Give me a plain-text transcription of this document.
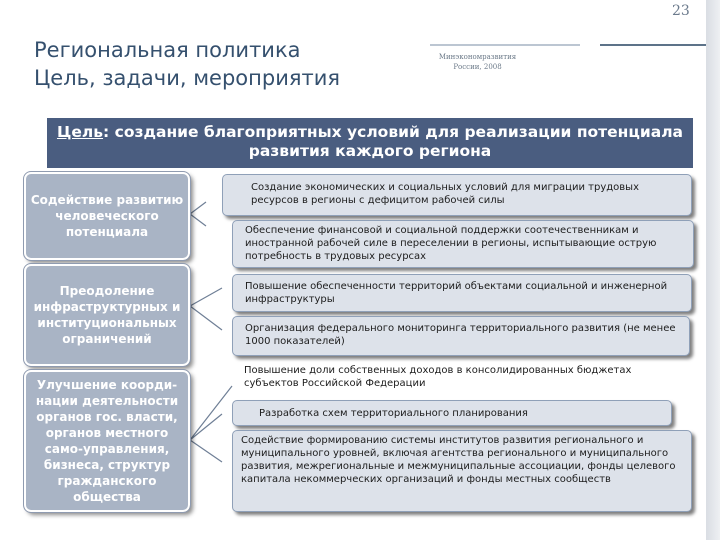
23
Региональная политика
Цель, задачи, мероприятия
Минэкономразвития
России, 2008
Цель: создание благоприятных условий для реализации потенциала развития каждого региона
Содействие развитию человеческого потенциала
Преодоление инфраструктурных и институциональных ограничений
Улучшение коорди-нации деятельности органов гос. власти, органов местного само-управления, бизнеса, структур гражданского общества
Создание экономических и социальных условий для миграции трудовых ресурсов в регионы с дефицитом рабочей силы
Обеспечение финансовой и социальной поддержки соотечественникам и иностранной рабочей силе в переселении в регионы, испытывающие острую потребность в трудовых ресурсах
Повышение обеспеченности территорий объектами социальной и инженерной инфраструктуры
Организация федерального мониторинга территориального развития (не менее 1000 показателей)
Повышение доли собственных доходов в консолидированных бюджетах субъектов Российской Федерации
Разработка схем территориального планирования
Содействие формированию системы институтов развития регионального и муниципального уровней, включая агентства регионального и муниципального развития, межрегиональные и межмуниципальные ассоциации, фонды целевого капитала некоммерческих организаций и фонды местных сообществ
